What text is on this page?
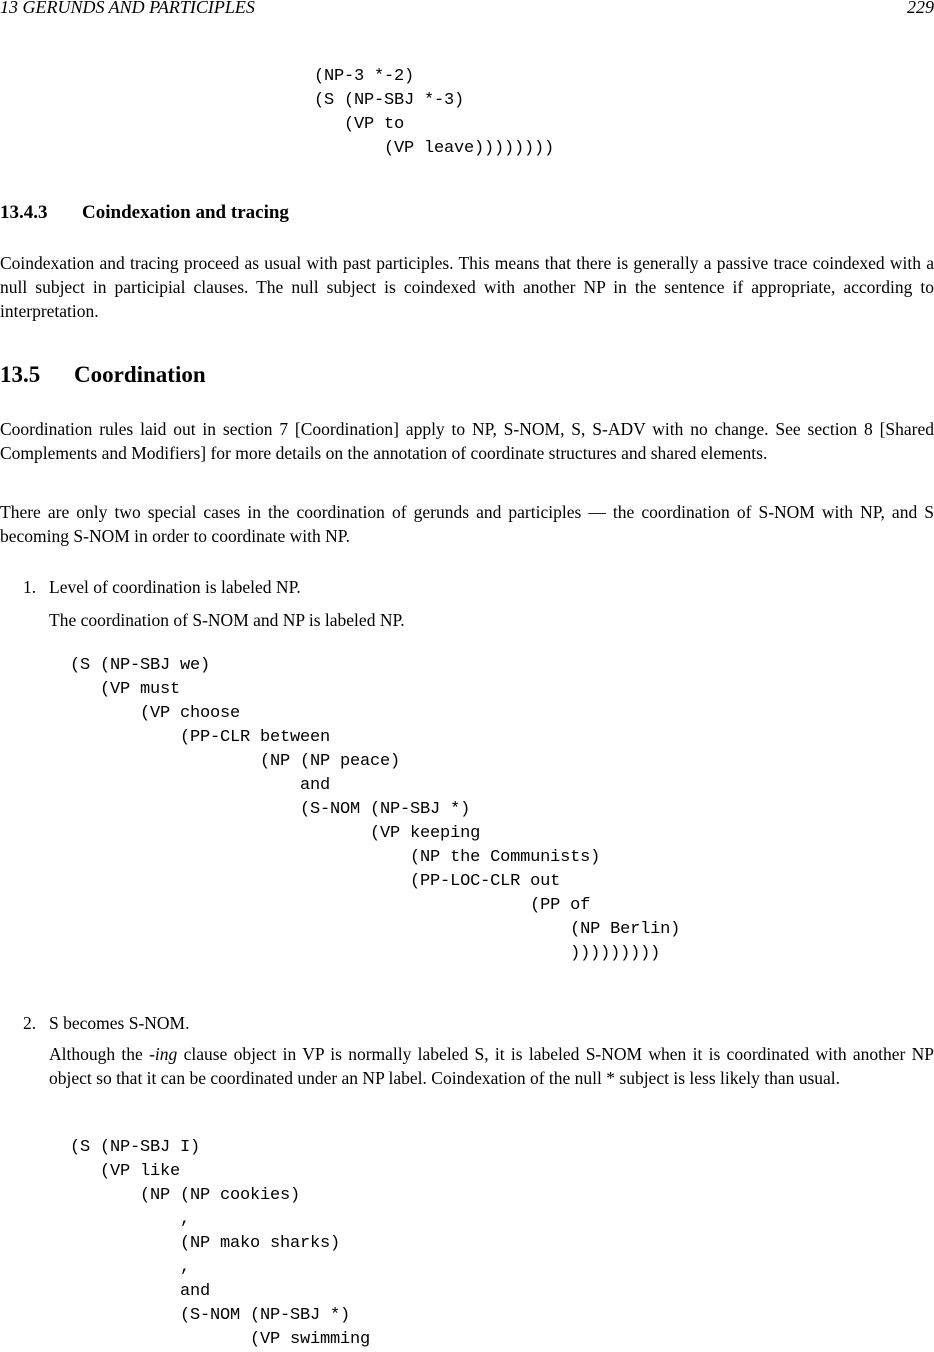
13 GERUNDS AND PARTICIPLES	229
(NP-3 *-2)
(S (NP-SBJ *-3)
(VP to
(VP leave))))))))
13.4.3 Coindexation and tracing

Coindexation and tracing proceed as usual with past participles. This means that there is generally a passive trace coindexed with a null subject in participial clauses. The null subject is coindexed with another NP in the sentence if appropriate, according to interpretation.

13.5 Coordination

Coordination rules laid out in section 7 [Coordination] apply to NP, S-NOM, S, S-ADV with no change. See section 8 [Shared Complements and Modifiers] for more details on the annotation of coordinate structures and shared elements.

There are only two special cases in the coordination of gerunds and participles — the coordination of S-NOM with NP, and S becoming S-NOM in order to coordinate with NP.

1. Level of coordination is labeled NP.
The coordination of S-NOM and NP is labeled NP.
(S (NP-SBJ we)
(VP must
(VP choose
(PP-CLR between
(NP (NP peace)
and
(S-NOM (NP-SBJ *)
(VP keeping
(NP the Communists)
(PP-LOC-CLR out
(PP of
(NP Berlin)
)))))))))
2. S becomes S-NOM.

Although the -ing clause object in VP is normally labeled S, it is labeled S-NOM when it is coordinated with another NP object so that it can be coordinated under an NP label. Coindexation of the null * subject is less likely than usual.

(S (NP-SBJ I)
(VP like
(NP (NP cookies)
,
(NP mako sharks)
,
and
(S-NOM (NP-SBJ *)
(VP swimming
